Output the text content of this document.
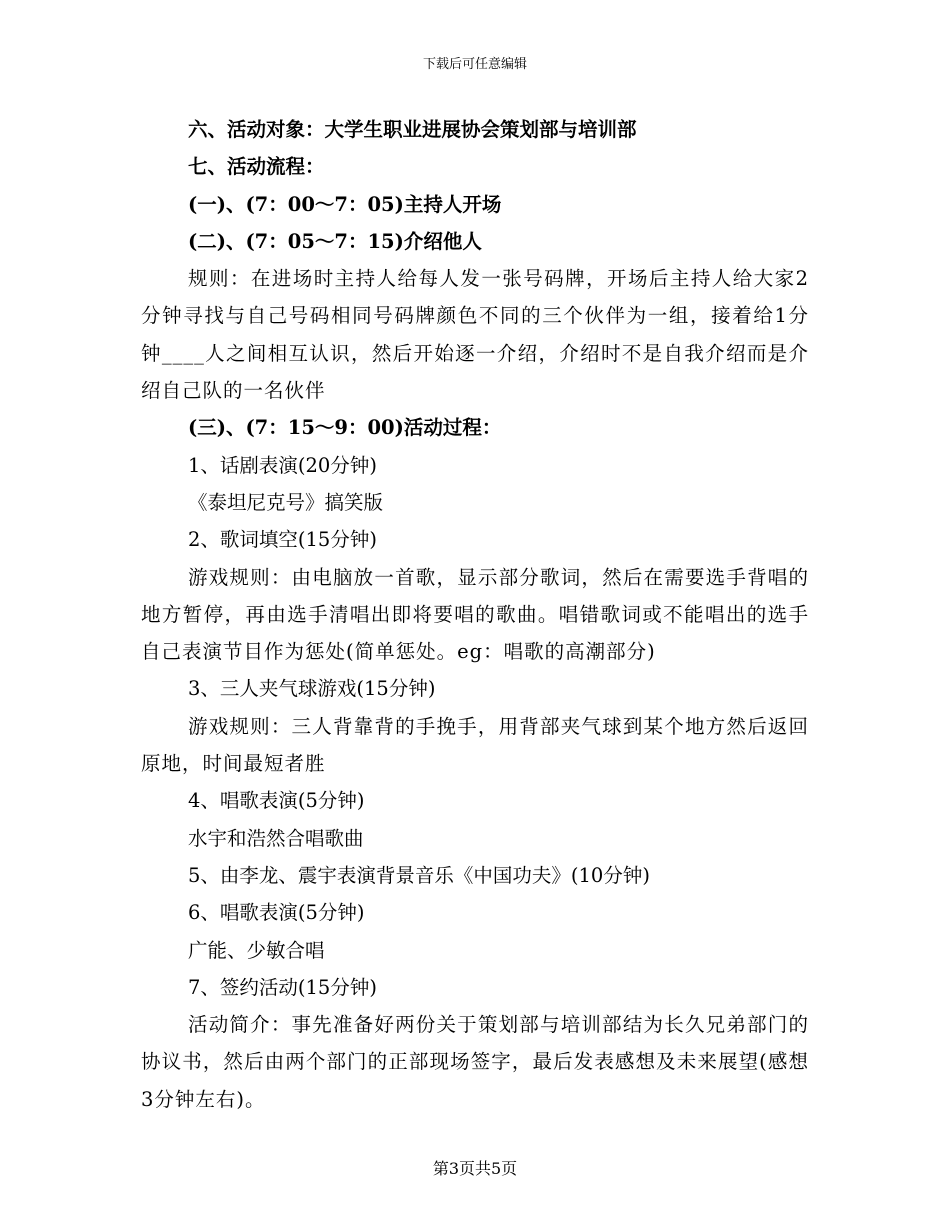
下载后可任意编辑
六、活动对象：大学生职业进展协会策划部与培训部
七、活动流程：
(一)、(7：00～7：05)主持人开场
(二)、(7：05～7：15)介绍他人
规则：在进场时主持人给每人发一张号码牌，开场后主持人给大家2分钟寻找与自己号码相同号码牌颜色不同的三个伙伴为一组，接着给1分钟____人之间相互认识，然后开始逐一介绍，介绍时不是自我介绍而是介绍自己队的一名伙伴
(三)、(7：15～9：00)活动过程：
1、话剧表演(20分钟)
《泰坦尼克号》搞笑版
2、歌词填空(15分钟)
游戏规则：由电脑放一首歌，显示部分歌词，然后在需要选手背唱的地方暂停，再由选手清唱出即将要唱的歌曲。唱错歌词或不能唱出的选手自己表演节目作为惩处(简单惩处。eg：唱歌的高潮部分)
3、三人夹气球游戏(15分钟)
游戏规则：三人背靠背的手挽手，用背部夹气球到某个地方然后返回原地，时间最短者胜
4、唱歌表演(5分钟)
水宇和浩然合唱歌曲
5、由李龙、震宇表演背景音乐《中国功夫》(10分钟)
6、唱歌表演(5分钟)
广能、少敏合唱
7、签约活动(15分钟)
活动简介：事先准备好两份关于策划部与培训部结为长久兄弟部门的协议书，然后由两个部门的正部现场签字，最后发表感想及未来展望(感想3分钟左右)。
第3页共5页
